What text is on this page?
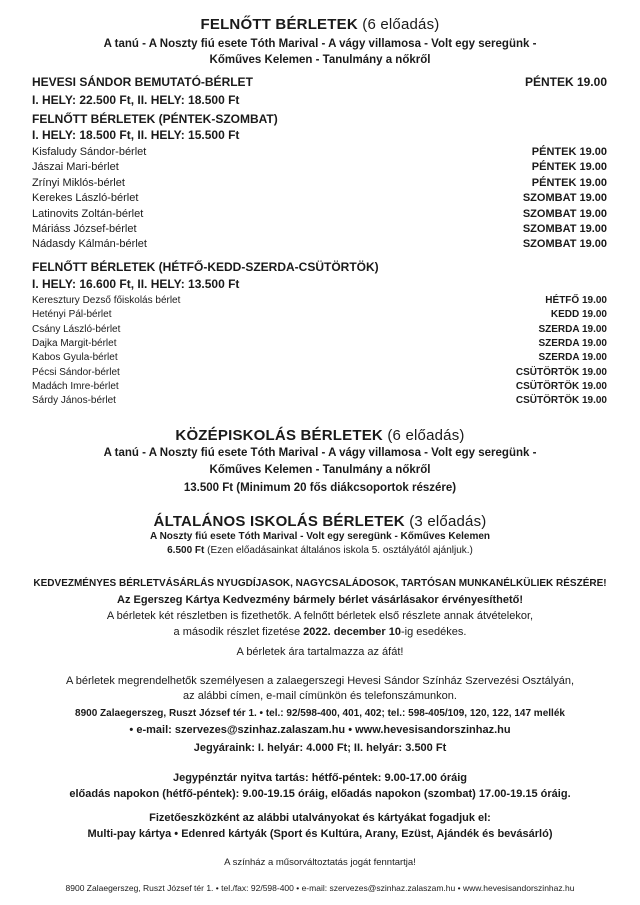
FELNŐTT BÉRLETEK (6 előadás)
A tanú - A Noszty fiú esete Tóth Marival - A vágy villamosa - Volt egy seregünk -
Kőműves Kelemen - Tanulmány a nőkről
HEVESI SÁNDOR BEMUTATÓ-BÉRLET	PÉNTEK 19.00
I. HELY: 22.500 Ft, II. HELY: 18.500 Ft
FELNŐTT BÉRLETEK (PÉNTEK-SZOMBAT)
I. HELY: 18.500 Ft, II. HELY: 15.500 Ft
Kisfaludy Sándor-bérlet	PÉNTEK 19.00
Jászai Mari-bérlet	PÉNTEK 19.00
Zrínyi Miklós-bérlet	PÉNTEK 19.00
Kerekes László-bérlet	SZOMBAT 19.00
Latinovits Zoltán-bérlet	SZOMBAT 19.00
Máriáss József-bérlet	SZOMBAT 19.00
Nádasdy Kálmán-bérlet	SZOMBAT 19.00
FELNŐTT BÉRLETEK (HÉTFŐ-KEDD-SZERDA-CSÜTÖRTÖK)
I. HELY: 16.600 Ft, II. HELY: 13.500 Ft
Keresztury Dezső főiskolás bérlet	HÉTFŐ 19.00
Hetényi Pál-bérlet	KEDD 19.00
Csány László-bérlet	SZERDA 19.00
Dajka Margit-bérlet	SZERDA 19.00
Kabos Gyula-bérlet	SZERDA 19.00
Pécsi Sándor-bérlet	CSÜTÖRTÖK 19.00
Madách Imre-bérlet	CSÜTÖRTÖK 19.00
Sárdy János-bérlet	CSÜTÖRTÖK 19.00
KÖZÉPISKOLÁS BÉRLETEK (6 előadás)
A tanú - A Noszty fiú esete Tóth Marival - A vágy villamosa - Volt egy seregünk -
Kőműves Kelemen - Tanulmány a nőkről
13.500 Ft (Minimum 20 fős diákcsoportok részére)
ÁLTALÁNOS ISKOLÁS BÉRLETEK (3 előadás)
A Noszty fiú esete Tóth Marival - Volt egy seregünk - Kőműves Kelemen
6.500 Ft (Ezen előadásainkat általános iskola 5. osztályától ajánljuk.)
KEDVEZMÉNYES BÉRLETVÁSÁRLÁS NYUGDÍJASOK, NAGYCSALÁDOSOK, TARTÓSAN MUNKANÉLKÜLIEK RÉSZÉRE!
Az Egerszeg Kártya Kedvezmény bármely bérlet vásárlásakor érvényesíthető!
A bérletek két részletben is fizethetők. A felnőtt bérletek első részlete annak átvételekor,
a második részlet fizetése 2022. december 10-ig esedékes.
A bérletek ára tartalmazza az áfát!
A bérletek megrendelhetők személyesen a zalaegerszegi Hevesi Sándor Színház Szervezési Osztályán,
az alábbi címen, e-mail címünkön és telefonszámunkon.
8900 Zalaegerszeg, Ruszt József tér 1. • tel.: 92/598-400, 401, 402; tel.: 598-405/109, 120, 122, 147 mellék
• e-mail: szervezes@szinhaz.zalaszam.hu • www.hevesisandorszinhaz.hu
Jegyáraink: I. helyár: 4.000 Ft; II. helyár: 3.500 Ft
Jegypénztár nyitva tartás: hétfő-péntek: 9.00-17.00 óráig
előadás napokon (hétfő-péntek): 9.00-19.15 óráig, előadás napokon (szombat) 17.00-19.15 óráig.
Fizetőeszközként az alábbi utalványokat és kártyákat fogadjuk el:
Multi-pay kártya • Edenred kártyák (Sport és Kultúra, Arany, Ezüst, Ajándék és bevásárló)
A színház a műsorváltoztatás jogát fenntartja!
8900 Zalaegerszeg, Ruszt József tér 1. • tel./fax: 92/598-400 • e-mail: szervezes@szinhaz.zalaszam.hu • www.hevesisandorszinhaz.hu
